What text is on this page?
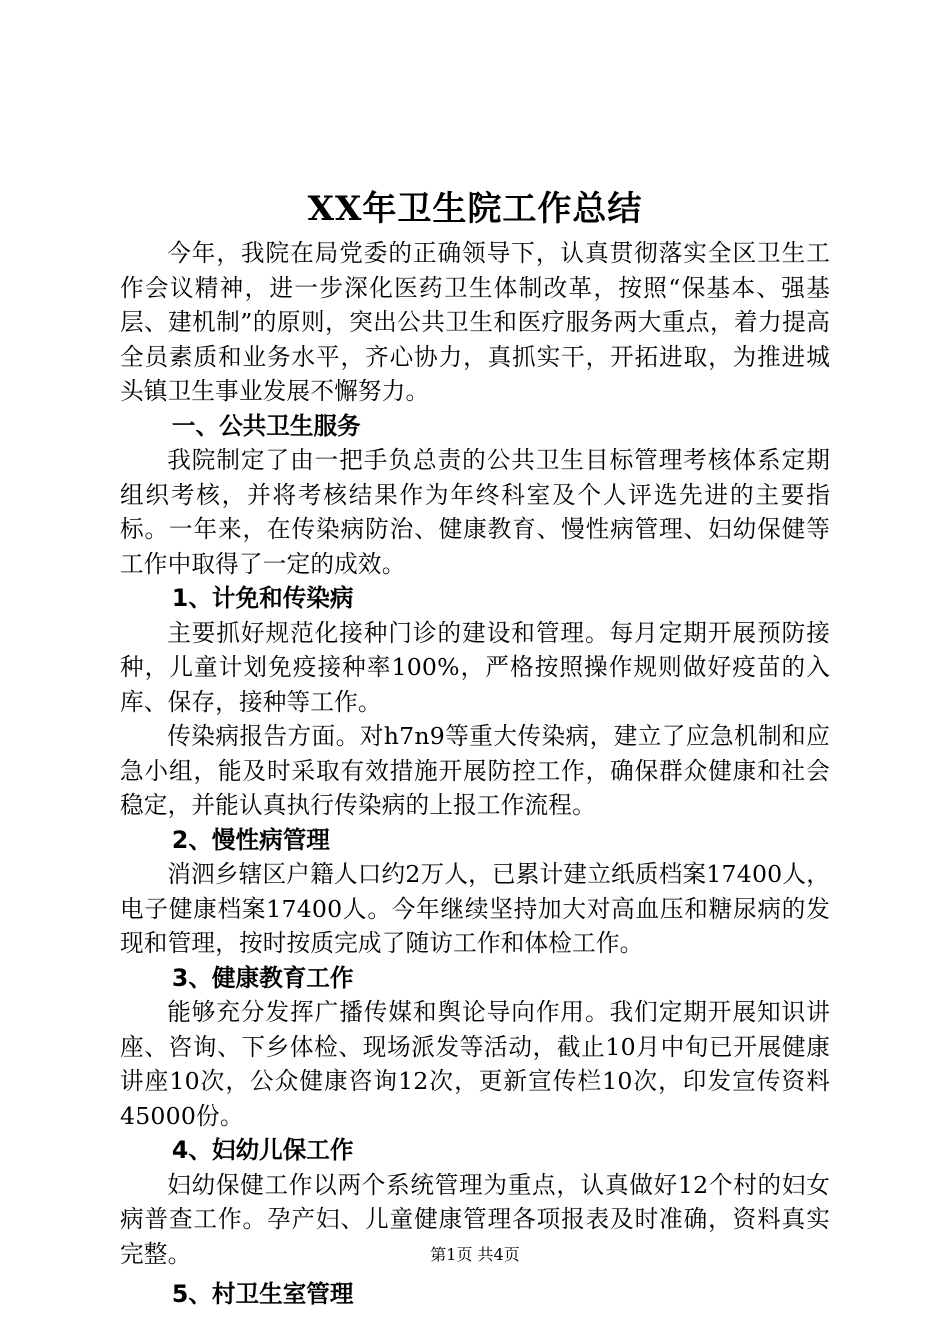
XX年卫生院工作总结

今年，我院在局党委的正确领导下，认真贯彻落实全区卫生工作会议精神，进一步深化医药卫生体制改革，按照“保基本、强基层、建机制”的原则，突出公共卫生和医疗服务两大重点，着力提高全员素质和业务水平，齐心协力，真抓实干，开拓进取，为推进城头镇卫生事业发展不懈努力。

一、公共卫生服务

我院制定了由一把手负总责的公共卫生目标管理考核体系定期组织考核，并将考核结果作为年终科室及个人评选先进的主要指标。一年来，在传染病防治、健康教育、慢性病管理、妇幼保健等工作中取得了一定的成效。

1、计免和传染病

主要抓好规范化接种门诊的建设和管理。每月定期开展预防接种，儿童计划免疫接种率100%，严格按照操作规则做好疫苗的入库、保存，接种等工作。

传染病报告方面。对h7n9等重大传染病，建立了应急机制和应急小组，能及时采取有效措施开展防控工作，确保群众健康和社会稳定，并能认真执行传染病的上报工作流程。

2、慢性病管理

消泗乡辖区户籍人口约2万人，已累计建立纸质档案17400人，电子健康档案17400人。今年继续坚持加大对高血压和糖尿病的发现和管理，按时按质完成了随访工作和体检工作。

3、健康教育工作

能够充分发挥广播传媒和舆论导向作用。我们定期开展知识讲座、咨询、下乡体检、现场派发等活动，截止10月中旬已开展健康讲座10次，公众健康咨询12次，更新宣传栏10次，印发宣传资料45000份。

4、妇幼儿保工作

妇幼保健工作以两个系统管理为重点，认真做好12个村的妇女病普查工作。孕产妇、儿童健康管理各项报表及时准确，资料真实完整。

5、村卫生室管理

第1页 共4页
